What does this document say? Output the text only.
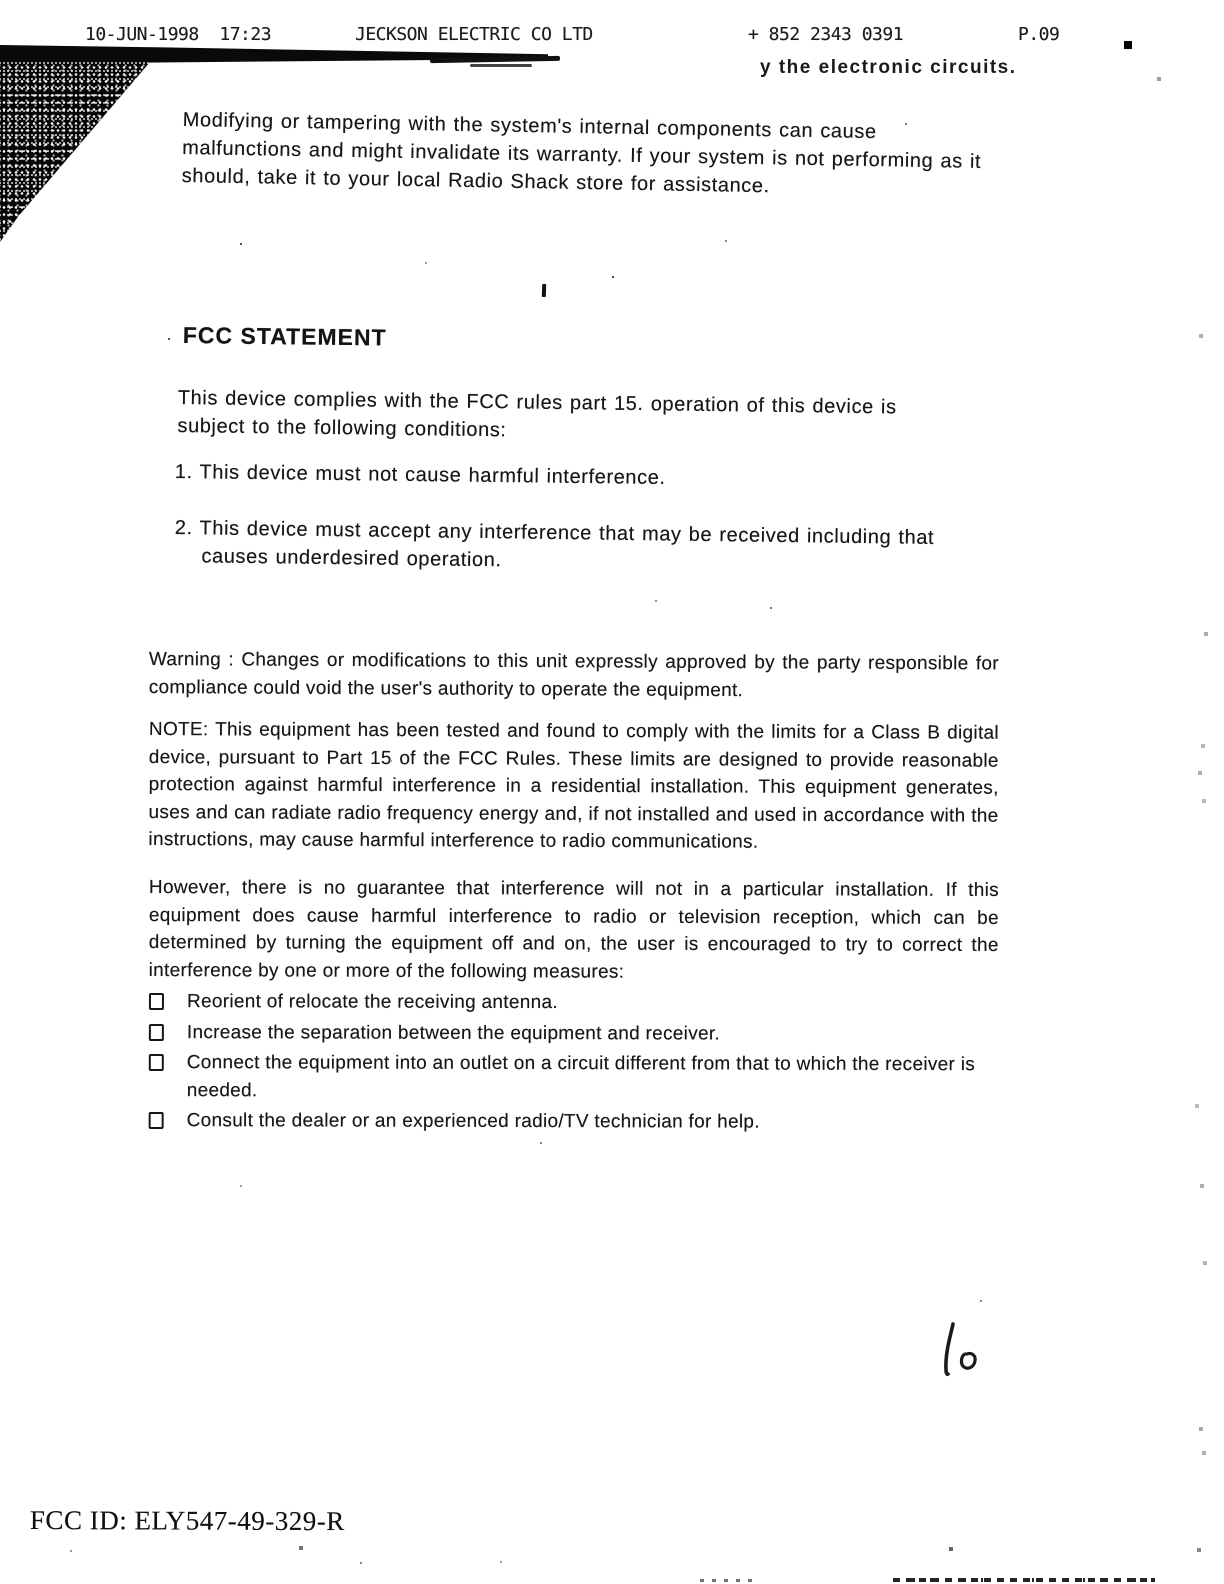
10-JUN-1998  17:23	JECKSON ELECTRIC CO LTD	+ 852 2343 0391	P.09
y the electronic circuits.
Modifying or tampering with the system's internal components can cause malfunctions and might invalidate its warranty. If your system is not performing as it should, take it to your local Radio Shack store for assistance.
FCC STATEMENT
This device complies with the FCC rules part 15. operation of this device is subject to the following conditions:
1. This device must not cause harmful interference.
2. This device must accept any interference that may be received including that causes underdesired operation.
Warning : Changes or modifications to this unit expressly approved by the party responsible for compliance could void the user's authority to operate the equipment.
NOTE: This equipment has been tested and found to comply with the limits for a Class B digital device, pursuant to Part 15 of the FCC Rules. These limits are designed to provide reasonable protection against harmful interference in a residential installation. This equipment generates, uses and can radiate radio frequency energy and, if not installed and used in accordance with the instructions, may cause harmful interference to radio communications.
However, there is no guarantee that interference will not in a particular installation. If this equipment does cause harmful interference to radio or television reception, which can be determined by turning the equipment off and on, the user is encouraged to try to correct the interference by one or more of the following measures:
Reorient of relocate the receiving antenna.
Increase the separation between the equipment and receiver.
Connect the equipment into an outlet on a circuit different from that to which the receiver is needed.
Consult the dealer or an experienced radio/TV technician for help.
FCC ID: ELY547-49-329-R
